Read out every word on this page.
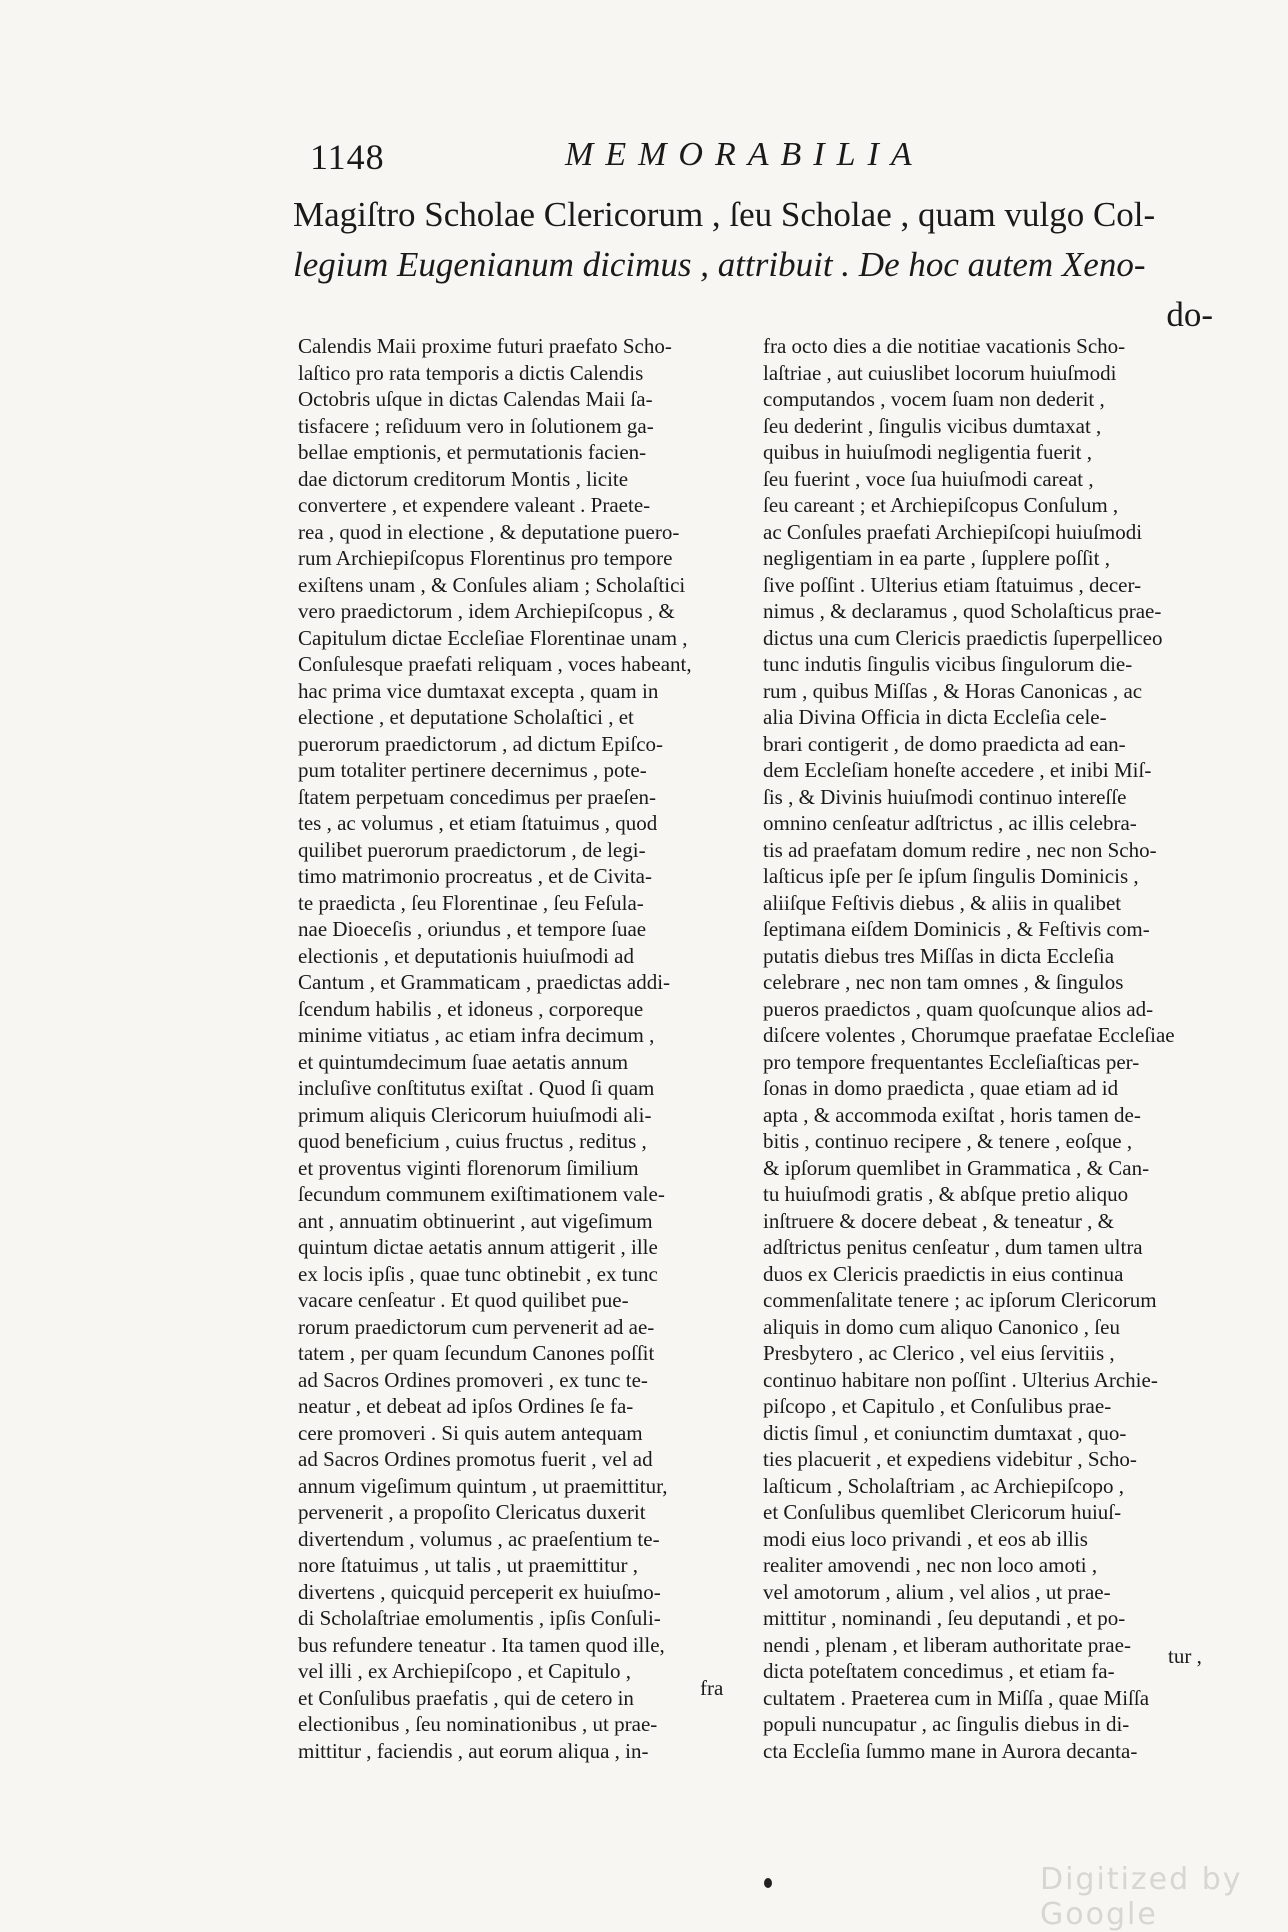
1148	MEMORABILIA
Magiſtro Scholae Clericorum , ſeu Scholae , quam vulgo Col-
legium Eugenianum dicimus , attribuit . De hoc autem Xeno-
do-
Calendis Maii proxime futuri praefato Scho-
laſtico pro rata temporis a dictis Calendis
Octobris uſque in dictas Calendas Maii ſa-
tisfacere ; reſiduum vero in ſolutionem ga-
bellae emptionis, et permutationis facien-
dae dictorum creditorum Montis , licite
convertere , et expendere valeant . Praete-
rea , quod in electione , & deputatione puero-
rum Archiepiſcopus Florentinus pro tempore
exiſtens unam , & Conſules aliam ; Scholaſtici
vero praedictorum , idem Archiepiſcopus , &
Capitulum dictae Eccleſiae Florentinae unam ,
Conſulesque praefati reliquam , voces habeant,
hac prima vice dumtaxat excepta , quam in
electione , et deputatione Scholaſtici , et
puerorum praedictorum , ad dictum Epiſco-
pum totaliter pertinere decernimus , pote-
ſtatem perpetuam concedimus per praeſen-
tes , ac volumus , et etiam ſtatuimus , quod
quilibet puerorum praedictorum , de legi-
timo matrimonio procreatus , et de Civita-
te praedicta , ſeu Florentinae , ſeu Feſula-
nae Dioeceſis , oriundus , et tempore ſuae
electionis , et deputationis huiuſmodi ad
Cantum , et Grammaticam , praedictas addi-
ſcendum habilis , et idoneus , corporeque
minime vitiatus , ac etiam infra decimum ,
et quintumdecimum ſuae aetatis annum
incluſive conſtitutus exiſtat . Quod ſi quam
primum aliquis Clericorum huiuſmodi ali-
quod beneficium , cuius fructus , reditus ,
et proventus viginti florenorum ſimilium
ſecundum communem exiſtimationem vale-
ant , annuatim obtinuerint , aut vigeſimum
quintum dictae aetatis annum attigerit , ille
ex locis ipſis , quae tunc obtinebit , ex tunc
vacare cenſeatur . Et quod quilibet pue-
rorum praedictorum cum pervenerit ad ae-
tatem , per quam ſecundum Canones poſſit
ad Sacros Ordines promoveri , ex tunc te-
neatur , et debeat ad ipſos Ordines ſe fa-
cere promoveri . Si quis autem antequam
ad Sacros Ordines promotus fuerit , vel ad
annum vigeſimum quintum , ut praemittitur,
pervenerit , a propoſito Clericatus duxerit
divertendum , volumus , ac praeſentium te-
nore ſtatuimus , ut talis , ut praemittitur ,
divertens , quicquid perceperit ex huiuſmo-
di Scholaſtriae emolumentis , ipſis Conſuli-
bus refundere teneatur . Ita tamen quod ille,
vel illi , ex Archiepiſcopo , et Capitulo ,
et Conſulibus praefatis , qui de cetero in
electionibus , ſeu nominationibus , ut prae-
mittitur , faciendis , aut eorum aliqua , in-
fra octo dies a die notitiae vacationis Scho-
laſtriae , aut cuiuslibet locorum huiuſmodi
computandos , vocem ſuam non dederit ,
ſeu dederint , ſingulis vicibus dumtaxat ,
quibus in huiuſmodi negligentia fuerit ,
ſeu fuerint , voce ſua huiuſmodi careat ,
ſeu careant ; et Archiepiſcopus Conſulum ,
ac Conſules praefati Archiepiſcopi huiuſmodi
negligentiam in ea parte , ſupplere poſſit ,
ſive poſſint . Ulterius etiam ſtatuimus , decer-
nimus , & declaramus , quod Scholaſticus prae-
dictus una cum Clericis praedictis ſuperpelliceo
tunc indutis ſingulis vicibus ſingulorum die-
rum , quibus Miſſas , & Horas Canonicas , ac
alia Divina Officia in dicta Eccleſia cele-
brari contigerit , de domo praedicta ad ean-
dem Eccleſiam honeſte accedere , et inibi Miſ-
ſis , & Divinis huiuſmodi continuo intereſſe
omnino cenſeatur adſtrictus , ac illis celebra-
tis ad praefatam domum redire , nec non Scho-
laſticus ipſe per ſe ipſum ſingulis Dominicis ,
aliiſque Feſtivis diebus , & aliis in qualibet
ſeptimana eiſdem Dominicis , & Feſtivis com-
putatis diebus tres Miſſas in dicta Eccleſia
celebrare , nec non tam omnes , & ſingulos
pueros praedictos , quam quoſcunque alios ad-
diſcere volentes , Chorumque praefatae Eccleſiae
pro tempore frequentantes Eccleſiaſticas per-
ſonas in domo praedicta , quae etiam ad id
apta , & accommoda exiſtat , horis tamen de-
bitis , continuo recipere , & tenere , eoſque ,
& ipſorum quemlibet in Grammatica , & Can-
tu huiuſmodi gratis , & abſque pretio aliquo
inſtruere & docere debeat , & teneatur , &
adſtrictus penitus cenſeatur , dum tamen ultra
duos ex Clericis praedictis in eius continua
commenſalitate tenere ; ac ipſorum Clericorum
aliquis in domo cum aliquo Canonico , ſeu
Presbytero , ac Clerico , vel eius ſervitiis ,
continuo habitare non poſſint . Ulterius Archie-
piſcopo , et Capitulo , et Conſulibus prae-
dictis ſimul , et coniunctim dumtaxat , quo-
ties placuerit , et expediens videbitur , Scho-
laſticum , Scholaſtriam , ac Archiepiſcopo ,
et Conſulibus quemlibet Clericorum huiuſ-
modi eius loco privandi , et eos ab illis
realiter amovendi , nec non loco amoti ,
vel amotorum , alium , vel alios , ut prae-
mittitur , nominandi , ſeu deputandi , et po-
nendi , plenam , et liberam authoritate prae-
dicta poteſtatem concedimus , et etiam fa-
cultatem . Praeterea cum in Miſſa , quae Miſſa
populi nuncupatur , ac ſingulis diebus in di-
cta Eccleſia ſummo mane in Aurora decanta-
fra
tur ,
Digitized by Google
